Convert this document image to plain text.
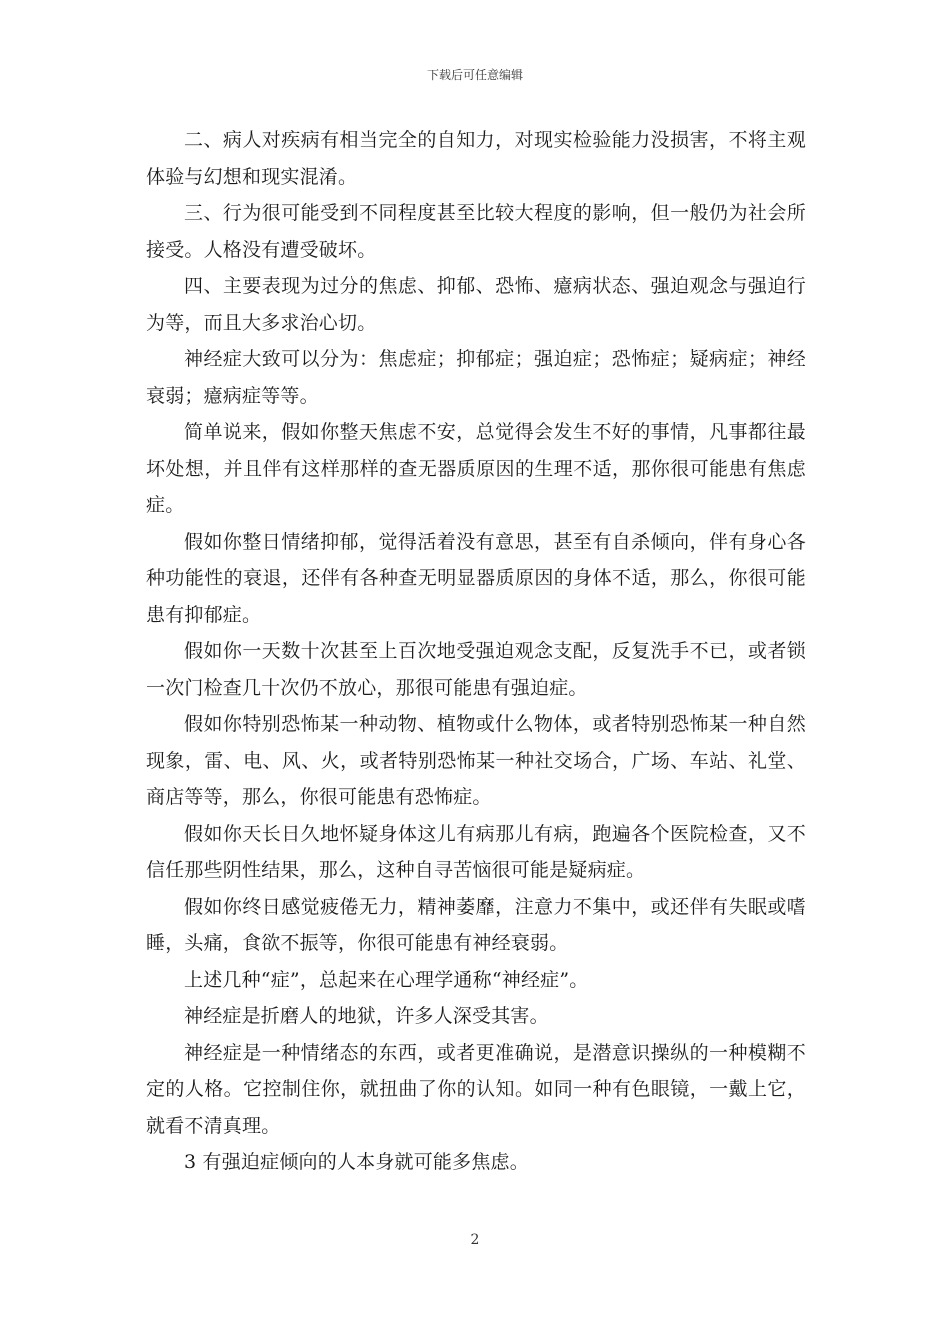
下载后可任意编辑

二、病人对疾病有相当完全的自知力，对现实检验能力没损害，不将主观体验与幻想和现实混淆。

三、行为很可能受到不同程度甚至比较大程度的影响，但一般仍为社会所接受。人格没有遭受破坏。

四、主要表现为过分的焦虑、抑郁、恐怖、癔病状态、强迫观念与强迫行为等，而且大多求治心切。

神经症大致可以分为：焦虑症；抑郁症；强迫症；恐怖症；疑病症；神经衰弱；癔病症等等。

简单说来，假如你整天焦虑不安，总觉得会发生不好的事情，凡事都往最坏处想，并且伴有这样那样的查无器质原因的生理不适，那你很可能患有焦虑症。

假如你整日情绪抑郁，觉得活着没有意思，甚至有自杀倾向，伴有身心各种功能性的衰退，还伴有各种查无明显器质原因的身体不适，那么，你很可能患有抑郁症。

假如你一天数十次甚至上百次地受强迫观念支配，反复洗手不已，或者锁一次门检查几十次仍不放心，那很可能患有强迫症。

假如你特别恐怖某一种动物、植物或什么物体，或者特别恐怖某一种自然现象，雷、电、风、火，或者特别恐怖某一种社交场合，广场、车站、礼堂、商店等等，那么，你很可能患有恐怖症。

假如你天长日久地怀疑身体这儿有病那儿有病，跑遍各个医院检查，又不信任那些阴性结果，那么，这种自寻苦恼很可能是疑病症。

假如你终日感觉疲倦无力，精神萎靡，注意力不集中，或还伴有失眠或嗜睡，头痛，食欲不振等，你很可能患有神经衰弱。

上述几种“症”，总起来在心理学通称“神经症”。

神经症是折磨人的地狱，许多人深受其害。

神经症是一种情绪态的东西，或者更准确说，是潜意识操纵的一种模糊不定的人格。它控制住你，就扭曲了你的认知。如同一种有色眼镜，一戴上它，就看不清真理。

3 有强迫症倾向的人本身就可能多焦虑。

2
